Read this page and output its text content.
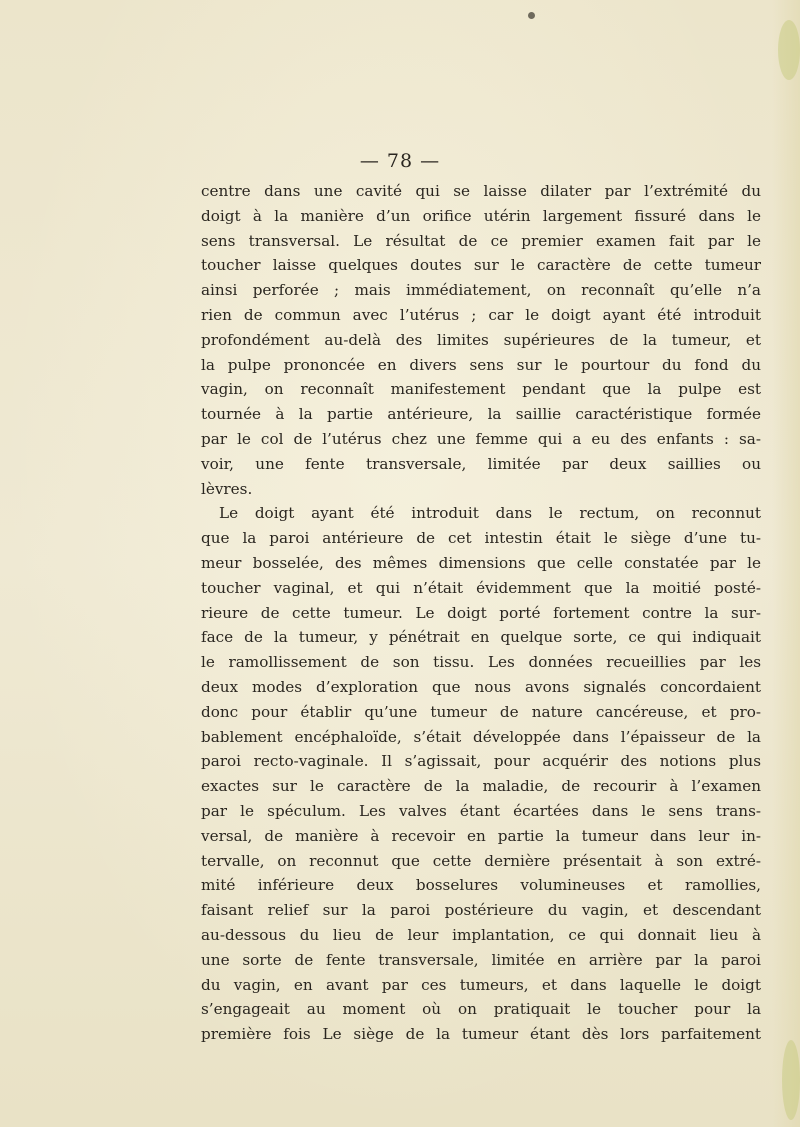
— 78 —
centre dans une cavité qui se laisse dilater par l’extrémité du
doigt à la manière d’un orifice utérin largement fissuré dans le
sens transversal. Le résultat de ce premier examen fait par le
toucher laisse quelques doutes sur le caractère de cette tumeur
ainsi perforée ; mais immédiatement, on reconnaît qu’elle n’a
rien de commun avec l’utérus ; car le doigt ayant été introduit
profondément au-delà des limites supérieures de la tumeur, et
la pulpe prononcée en divers sens sur le pourtour du fond du
vagin, on reconnaît manifestement pendant que la pulpe est
tournée à la partie antérieure, la saillie caractéristique formée
par le col de l’utérus chez une femme qui a eu des enfants : sa-
voir, une fente transversale, limitée par deux saillies ou
lèvres.
Le doigt ayant été introduit dans le rectum, on reconnut
que la paroi antérieure de cet intestin était le siège d’une tu-
meur bosselée, des mêmes dimensions que celle constatée par le
toucher vaginal, et qui n’était évidemment que la moitié posté-
rieure de cette tumeur. Le doigt porté fortement contre la sur-
face de la tumeur, y pénétrait en quelque sorte, ce qui indiquait
le ramollissement de son tissu. Les données recueillies par les
deux modes d’exploration que nous avons signalés concordaient
donc pour établir qu’une tumeur de nature cancéreuse, et pro-
bablement encéphaloïde, s’était développée dans l’épaisseur de la
paroi recto-vaginale. Il s’agissait, pour acquérir des notions plus
exactes sur le caractère de la maladie, de recourir à l’examen
par le spéculum. Les valves étant écartées dans le sens trans-
versal, de manière à recevoir en partie la tumeur dans leur in-
tervalle, on reconnut que cette dernière présentait à son extré-
mité inférieure deux bosselures volumineuses et ramollies,
faisant relief sur la paroi postérieure du vagin, et descendant
au-dessous du lieu de leur implantation, ce qui donnait lieu à
une sorte de fente transversale, limitée en arrière par la paroi
du vagin, en avant par ces tumeurs, et dans laquelle le doigt
s’engageait au moment où on pratiquait le toucher pour la
première fois Le siège de la tumeur étant dès lors parfaitement
